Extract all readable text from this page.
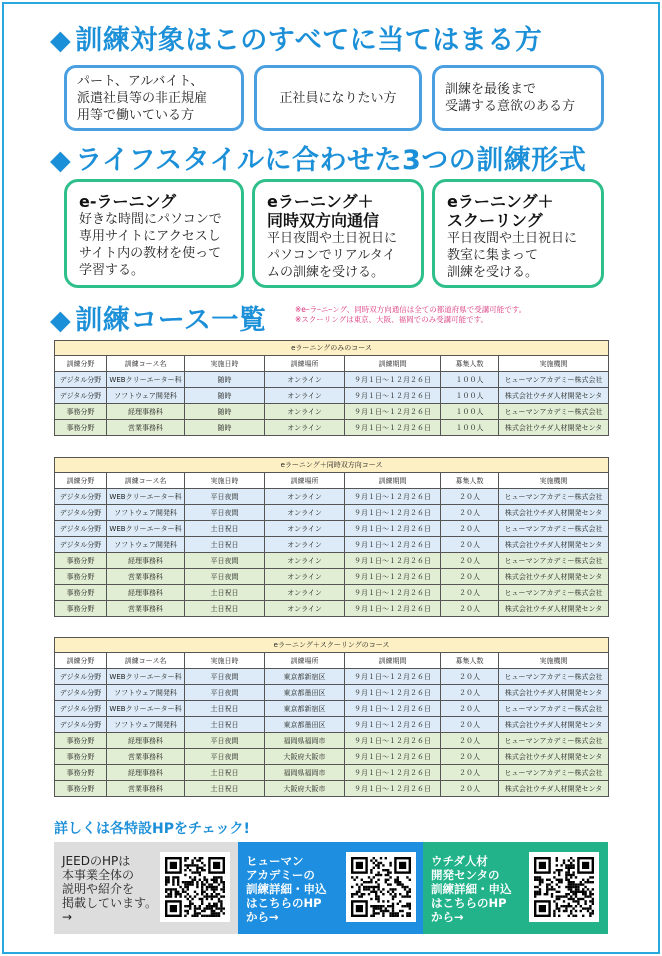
◆ 訓練対象はこのすべてに当てはまる方
パート、アルバイト、
派遣社員等の非正規雇
用等で働いている方
正社員になりたい方
訓練を最後まで
受講する意欲のある方
◆ ライフスタイルに合わせた3つの訓練形式
e-ラーニング
好きな時間にパソコンで
専用サイトにアクセスし
サイト内の教材を使って
学習する。
eラーニング＋
同時双方向通信
平日夜間や土日祝日に
パソコンでリアルタイ
ムの訓練を受ける。
eラーニング＋
スクーリング
平日夜間や土日祝日に
教室に集まって
訓練を受ける。
◆ 訓練コース一覧	※eｰラｰニｰング、同時双方向通信は全ての都道府県で受講可能です。
※スクーリングは東京、大阪、福岡でのみ受講可能です。
eラーニングのみのコース						
訓練分野	訓練コース名	実施日時	訓練場所	訓練期間	募集人数	実施機関
デジタル分野	WEBクリーエーター科	随時	オンライン	９月１日～１２月２６日	１００人	ヒューマンアカデミー株式会社
デジタル分野	ソフトウェア開発科	随時	オンライン	９月１日～１２月２６日	１００人	株式会社ウチダ人材開発センタ
事務分野	経理事務科	随時	オンライン	９月１日～１２月２６日	１００人	ヒューマンアカデミー株式会社
事務分野	営業事務科	随時	オンライン	９月１日～１２月２６日	１００人	株式会社ウチダ人材開発センタ
eラーニング＋同時双方向コース						
訓練分野	訓練コース名	実施日時	訓練場所	訓練期間	募集人数	実施機関
デジタル分野	WEBクリーエーター科	平日夜間	オンライン	９月１日～１２月２６日	２０人	ヒューマンアカデミー株式会社
デジタル分野	ソフトウェア開発科	平日夜間	オンライン	９月１日～１２月２６日	２０人	株式会社ウチダ人材開発センタ
デジタル分野	WEBクリーエーター科	土日祝日	オンライン	９月１日～１２月２６日	２０人	ヒューマンアカデミー株式会社
デジタル分野	ソフトウェア開発科	土日祝日	オンライン	９月１日～１２月２６日	２０人	株式会社ウチダ人材開発センタ
事務分野	経理事務科	平日夜間	オンライン	９月１日～１２月２６日	２０人	ヒューマンアカデミー株式会社
事務分野	営業事務科	平日夜間	オンライン	９月１日～１２月２６日	２０人	株式会社ウチダ人材開発センタ
事務分野	経理事務科	土日祝日	オンライン	９月１日～１２月２６日	２０人	ヒューマンアカデミー株式会社
事務分野	営業事務科	土日祝日	オンライン	９月１日～１２月２６日	２０人	株式会社ウチダ人材開発センタ
eラーニング＋スクーリングのコース						
訓練分野	訓練コース名	実施日時	訓練場所	訓練期間	募集人数	実施機関
デジタル分野	WEBクリーエーター科	平日夜間	東京都新宿区	９月１日～１２月２６日	２０人	ヒューマンアカデミー株式会社
デジタル分野	ソフトウェア開発科	平日夜間	東京都墨田区	９月１日～１２月２６日	２０人	株式会社ウチダ人材開発センタ
デジタル分野	WEBクリーエーター科	土日祝日	東京都新宿区	９月１日～１２月２６日	２０人	ヒューマンアカデミー株式会社
デジタル分野	ソフトウェア開発科	土日祝日	東京都墨田区	９月１日～１２月２６日	２０人	株式会社ウチダ人材開発センタ
事務分野	経理事務科	平日夜間	福岡県福岡市	９月１日～１２月２６日	２０人	ヒューマンアカデミー株式会社
事務分野	営業事務科	平日夜間	大阪府大阪市	９月１日～１２月２６日	２０人	株式会社ウチダ人材開発センタ
事務分野	経理事務科	土日祝日	福岡県福岡市	９月１日～１２月２６日	２０人	ヒューマンアカデミー株式会社
事務分野	営業事務科	土日祝日	大阪府大阪市	９月１日～１２月２６日	２０人	株式会社ウチダ人材開発センタ
詳しくは各特設HPをチェック!
JEEDのHPは
本事業全体の
説明や紹介を
掲載しています。
→
ヒューマン
アカデミーの
訓練詳細・申込
はこちらのHP
から→
ウチダ人材
開発センタの
訓練詳細・申込
はこちらのHP
から→
